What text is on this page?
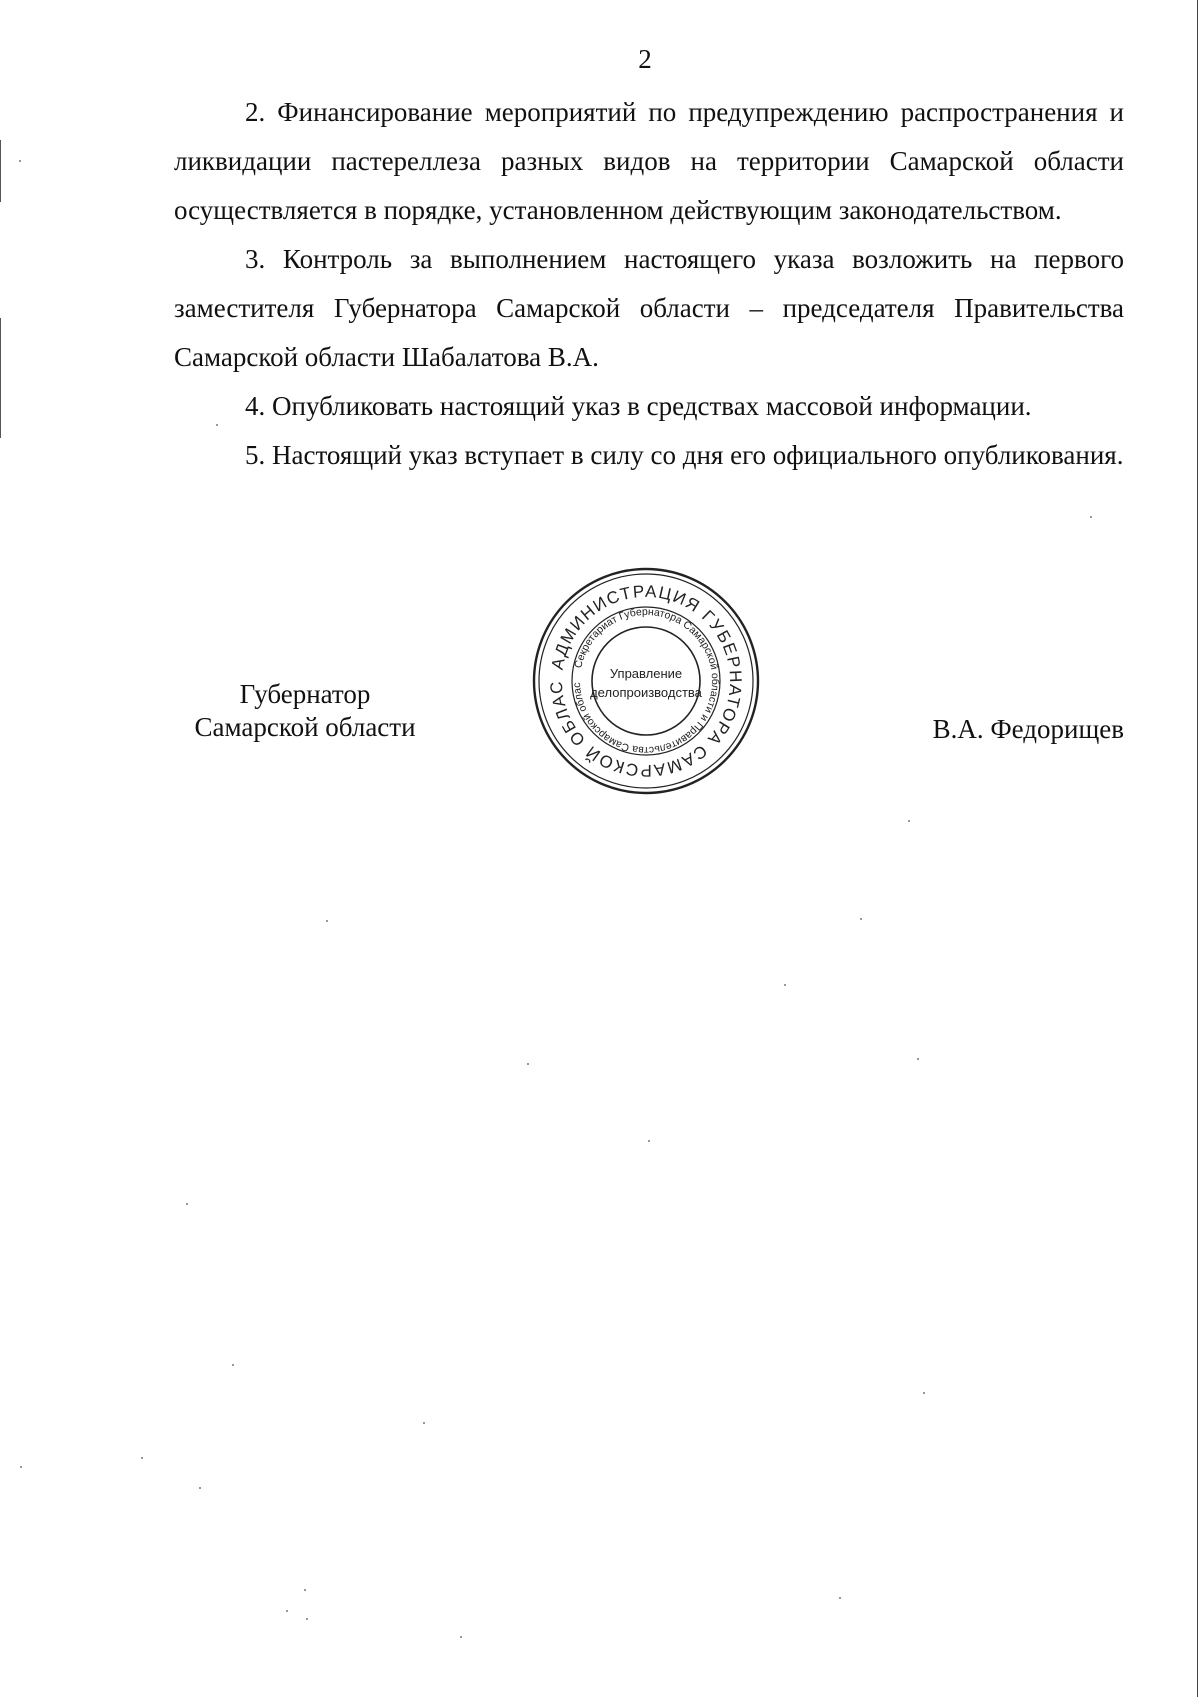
2

2. Финансирование мероприятий по предупреждению распространения и ликвидации пастереллеза разных видов на территории Самарской области осуществляется в порядке, установленном действующим законодательством.

3. Контроль за выполнением настоящего указа возложить на первого заместителя Губернатора Самарской области – председателя Правительства Самарской области Шабалатова В.А.

4. Опубликовать настоящий указ в средствах массовой информации.

5. Настоящий указ вступает в силу со дня его официального опубликования.

Губернатор
Самарской области
АДМИНИСТРАЦИЯ ГУБЕРНАТОРА САМАРСКОЙ ОБЛАС
Секретариат Губернатора Самарской области и Правительства Самарской облас
Управление
делопроизводства
В.А. Федорищев
